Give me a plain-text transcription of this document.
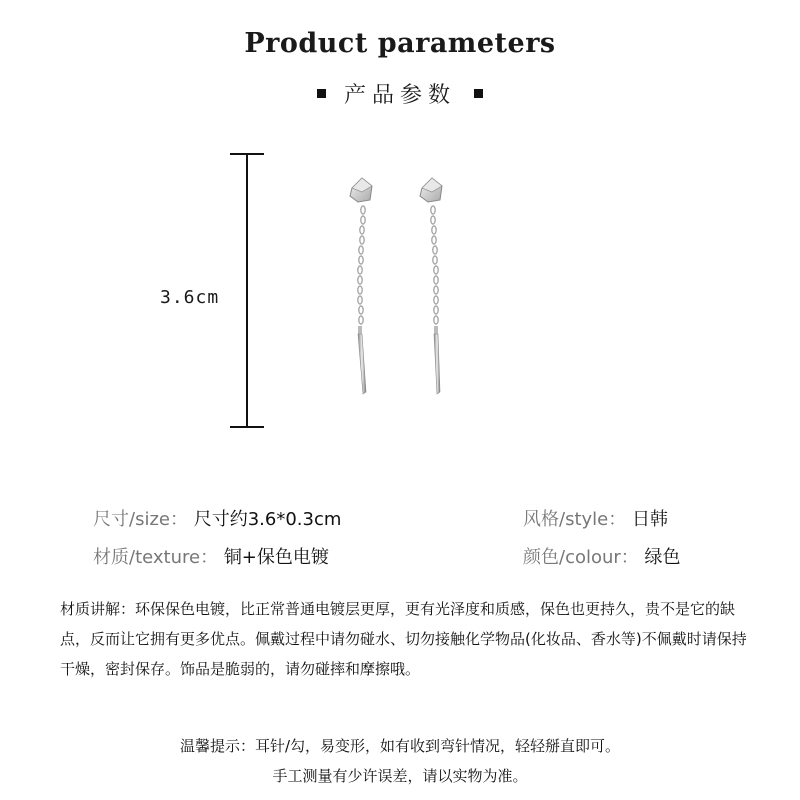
Product parameters
产品参数
3.6cm
尺寸/size： 尺寸约3.6*0.3cm	风格/style： 日韩
材质/texture： 铜+保色电镀	颜色/colour： 绿色
材质讲解：环保保色电镀，比正常普通电镀层更厚，更有光泽度和质感，保色也更持久，贵不是它的缺点，反而让它拥有更多优点。佩戴过程中请勿碰水、切勿接触化学物品(化妆品、香水等)不佩戴时请保持干燥，密封保存。饰品是脆弱的，请勿碰摔和摩擦哦。
温馨提示：耳针/勾，易变形，如有收到弯针情况，轻轻掰直即可。
手工测量有少许误差，请以实物为准。
